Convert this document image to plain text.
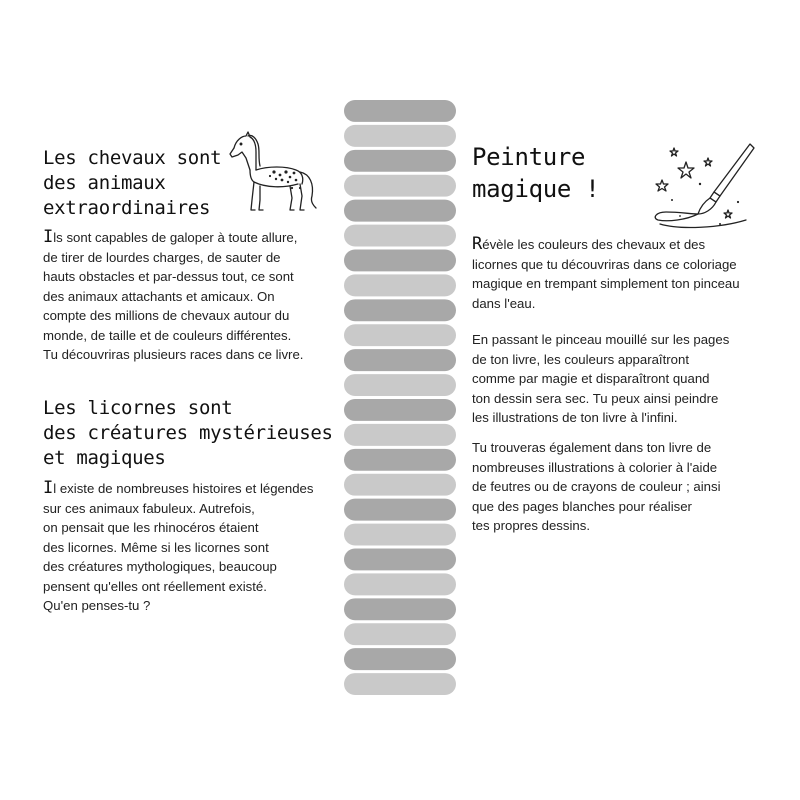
Les chevaux sont
des animaux
extraordinaires

Ils sont capables de galoper à toute allure,
de tirer de lourdes charges, de sauter de
hauts obstacles et par-dessus tout, ce sont
des animaux attachants et amicaux. On
compte des millions de chevaux autour du
monde, de taille et de couleurs différentes.
Tu découvriras plusieurs races dans ce livre.

Les licornes sont
des créatures mystérieuses
et magiques

Il existe de nombreuses histoires et légendes
sur ces animaux fabuleux. Autrefois,
on pensait que les rhinocéros étaient
des licornes. Même si les licornes sont
des créatures mythologiques, beaucoup
pensent qu'elles ont réellement existé.
Qu'en penses-tu ?

Peinture
magique !

Révèle les couleurs des chevaux et des
licornes que tu découvriras dans ce coloriage
magique en trempant simplement ton pinceau
dans l'eau.

En passant le pinceau mouillé sur les pages
de ton livre, les couleurs apparaîtront
comme par magie et disparaîtront quand
ton dessin sera sec. Tu peux ainsi peindre
les illustrations de ton livre à l'infini.

Tu trouveras également dans ton livre de
nombreuses illustrations à colorier à l'aide
de feutres ou de crayons de couleur ; ainsi
que des pages blanches pour réaliser
tes propres dessins.
